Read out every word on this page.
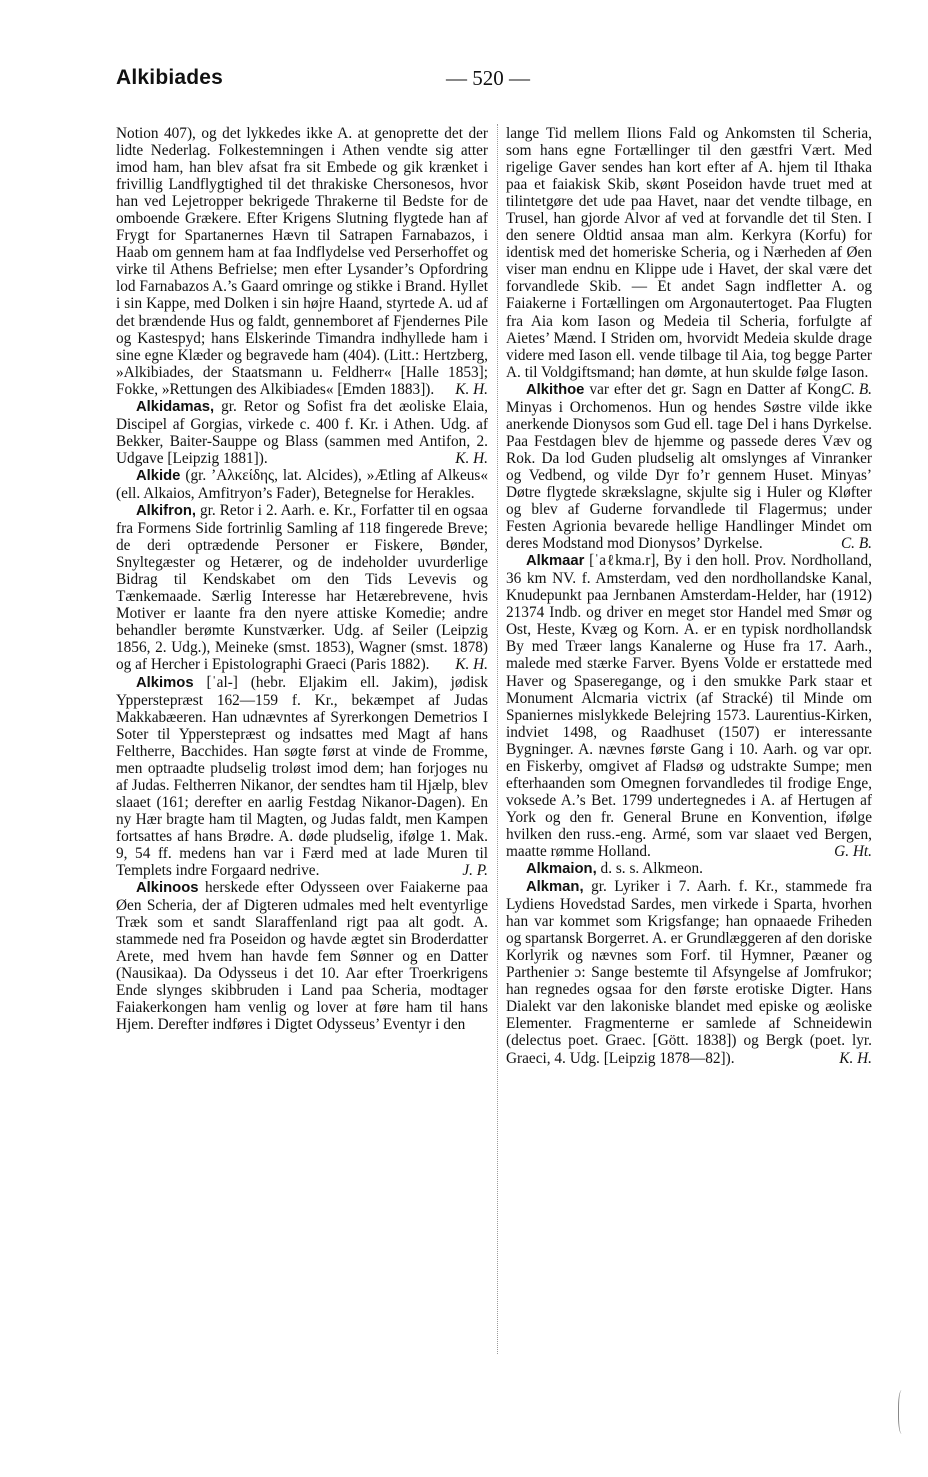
Alkibiades	— 520 —

Notion 407), og det lykkedes ikke A. at genoprette det der lidte Nederlag. Folkestemningen i Athen vendte sig atter imod ham, han blev afsat fra sit Embede og gik krænket i frivillig Landflygtighed til det thrakiske Chersonesos, hvor han ved Lejetropper bekrigede Thrakerne til Bedste for de omboende Grækere. Efter Krigens Slutning flygtede han af Frygt for Spartanernes Hævn til Satrapen Farnabazos, i Haab om gennem ham at faa Indflydelse ved Perserhoffet og virke til Athens Befrielse; men efter Lysander’s Opfordring lod Farnabazos A.’s Gaard omringe og stikke i Brand. Hyllet i sin Kappe, med Dolken i sin højre Haand, styrtede A. ud af det brændende Hus og faldt, gennemboret af Fjendernes Pile og Kastespyd; hans Elskerinde Timandra indhyllede ham i sine egne Klæder og begravede ham (404). (Litt.: Hertzberg, »Alkibiades, der Staatsmann u. Feldherr« [Halle 1853]; Fokke, »Rettungen des Alkibiades« [Emden 1883]). K. H.

Alkidamas, gr. Retor og Sofist fra det æoliske Elaia, Discipel af Gorgias, virkede c. 400 f. Kr. i Athen. Udg. af Bekker, Baiter-Sauppe og Blass (sammen med Antifon, 2. Udgave [Leipzig 1881]).	K. H.

Alkide (gr. ’Αλκείδης, lat. Alcides), »Ætling af Alkeus« (ell. Alkaios, Amfitryon’s Fader), Betegnelse for Herakles.

Alkifron, gr. Retor i 2. Aarh. e. Kr., Forfatter til en ogsaa fra Formens Side fortrinlig Samling af 118 fingerede Breve; de deri optrædende Personer er Fiskere, Bønder, Snyltegæster og Hetærer, og de indeholder uvurderlige Bidrag til Kendskabet om den Tids Levevis og Tænkemaade. Særlig Interesse har Hetærebrevene, hvis Motiver er laante fra den nyere attiske Komedie; andre behandler berømte Kunstværker. Udg. af Seiler (Leipzig 1856, 2. Udg.), Meineke (smst. 1853), Wagner (smst. 1878) og af Hercher i Epistolographi Graeci (Paris 1882).	K. H.

Alkimos [ˈal-] (hebr. Eljakim ell. Jakim), jødisk Ypperstepræst 162—159 f. Kr., bekæmpet af Judas Makkabæeren. Han udnævntes af Syrerkongen Demetrios I Soter til Ypperstepræst og indsattes med Magt af hans Feltherre, Bacchides. Han søgte først at vinde de Fromme, men optraadte pludselig troløst imod dem; han forjoges nu af Judas. Feltherren Nikanor, der sendtes ham til Hjælp, blev slaaet (161; derefter en aarlig Festdag Nikanor-Dagen). En ny Hær bragte ham til Magten, og Judas faldt, men Kampen fortsattes af hans Brødre. A. døde pludselig, ifølge 1. Mak. 9, 54 ff. medens han var i Færd med at lade Muren til Templets indre Forgaard nedrive.	J. P.

Alkinoos herskede efter Odysseen over Faiakerne paa Øen Scheria, der af Digteren udmales med helt eventyrlige Træk som et sandt Slaraffenland rigt paa alt godt. A. stammede ned fra Poseidon og havde ægtet sin Broderdatter Arete, med hvem han havde fem Sønner og en Datter (Nausikaa). Da Odysseus i det 10. Aar efter Troerkrigens Ende slynges skibbruden i Land paa Scheria, modtager Faiakerkongen ham venlig og lover at føre ham til hans Hjem. Derefter indføres i Digtet Odysseus’ Eventyr i den

lange Tid mellem Ilions Fald og Ankomsten til Scheria, som hans egne Fortællinger til den gæstfri Vært. Med rigelige Gaver sendes han kort efter af A. hjem til Ithaka paa et faiakisk Skib, skønt Poseidon havde truet med at tilintetgøre det ude paa Havet, naar det vendte tilbage, en Trusel, han gjorde Alvor af ved at forvandle det til Sten. I den senere Oldtid ansaa man alm. Kerkyra (Korfu) for identisk med det homeriske Scheria, og i Nærheden af Øen viser man endnu en Klippe ude i Havet, der skal være det forvandlede Skib. — Et andet Sagn indfletter A. og Faiakerne i Fortællingen om Argonautertoget. Paa Flugten fra Aia kom Iason og Medeia til Scheria, forfulgte af Aietes’ Mænd. I Striden om, hvorvidt Medeia skulde drage videre med Iason ell. vende tilbage til Aia, tog begge Parter A. til Voldgiftsmand; han dømte, at hun skulde følge Iason.
C. B.

Alkithoe var efter det gr. Sagn en Datter af Kong Minyas i Orchomenos. Hun og hendes Søstre vilde ikke anerkende Dionysos som Gud ell. tage Del i hans Dyrkelse. Paa Festdagen blev de hjemme og passede deres Væv og Rok. Da lod Guden pludselig alt omslynges af Vinranker og Vedbend, og vilde Dyr fo’r gennem Huset. Minyas’ Døtre flygtede skrækslagne, skjulte sig i Huler og Kløfter og blev af Guderne forvandlede til Flagermus; under Festen Agrionia bevarede hellige Handlinger Mindet om deres Modstand mod Dionysos’ Dyrkelse.	C. B.

Alkmaar [ˈaℓkma.r], By i den holl. Prov. Nordholland, 36 km NV. f. Amsterdam, ved den nordhollandske Kanal, Knudepunkt paa Jernbanen Amsterdam-Helder, har (1912) 21374 Indb. og driver en meget stor Handel med Smør og Ost, Heste, Kvæg og Korn. A. er en typisk nordhollandsk By med Træer langs Kanalerne og Huse fra 17. Aarh., malede med stærke Farver. Byens Volde er erstattede med Haver og Spaseregange, og i den smukke Park staar et Monument Alcmaria victrix (af Stracké) til Minde om Spaniernes mislykkede Belejring 1573. Laurentius-Kirken, indviet 1498, og Raadhuset (1507) er interessante Bygninger. A. nævnes første Gang i 10. Aarh. og var opr. en Fiskerby, omgivet af Fladsø og udstrakte Sumpe; men efterhaanden som Omegnen forvandledes til frodige Enge, voksede A.’s Bet. 1799 undertegnedes i A. af Hertugen af York og den fr. General Brune en Konvention, ifølge hvilken den russ.-eng. Armé, som var slaaet ved Bergen, maatte rømme Holland.	G. Ht.

Alkmaion, d. s. s. Alkmeon.

Alkman, gr. Lyriker i 7. Aarh. f. Kr., stammede fra Lydiens Hovedstad Sardes, men virkede i Sparta, hvorhen han var kommet som Krigsfange; han opnaaede Friheden og spartansk Borgerret. A. er Grundlæggeren af den doriske Korlyrik og nævnes som Forf. til Hymner, Pæaner og Parthenier ɔ: Sange bestemte til Afsyngelse af Jomfrukor; han regnedes ogsaa for den første erotiske Digter. Hans Dialekt var den lakoniske blandet med episke og æoliske Elementer. Fragmenterne er samlede af Schneidewin (delectus poet. Graec. [Gött. 1838]) og Bergk (poet. lyr. Graeci, 4. Udg. [Leipzig 1878—82]).	K. H.
